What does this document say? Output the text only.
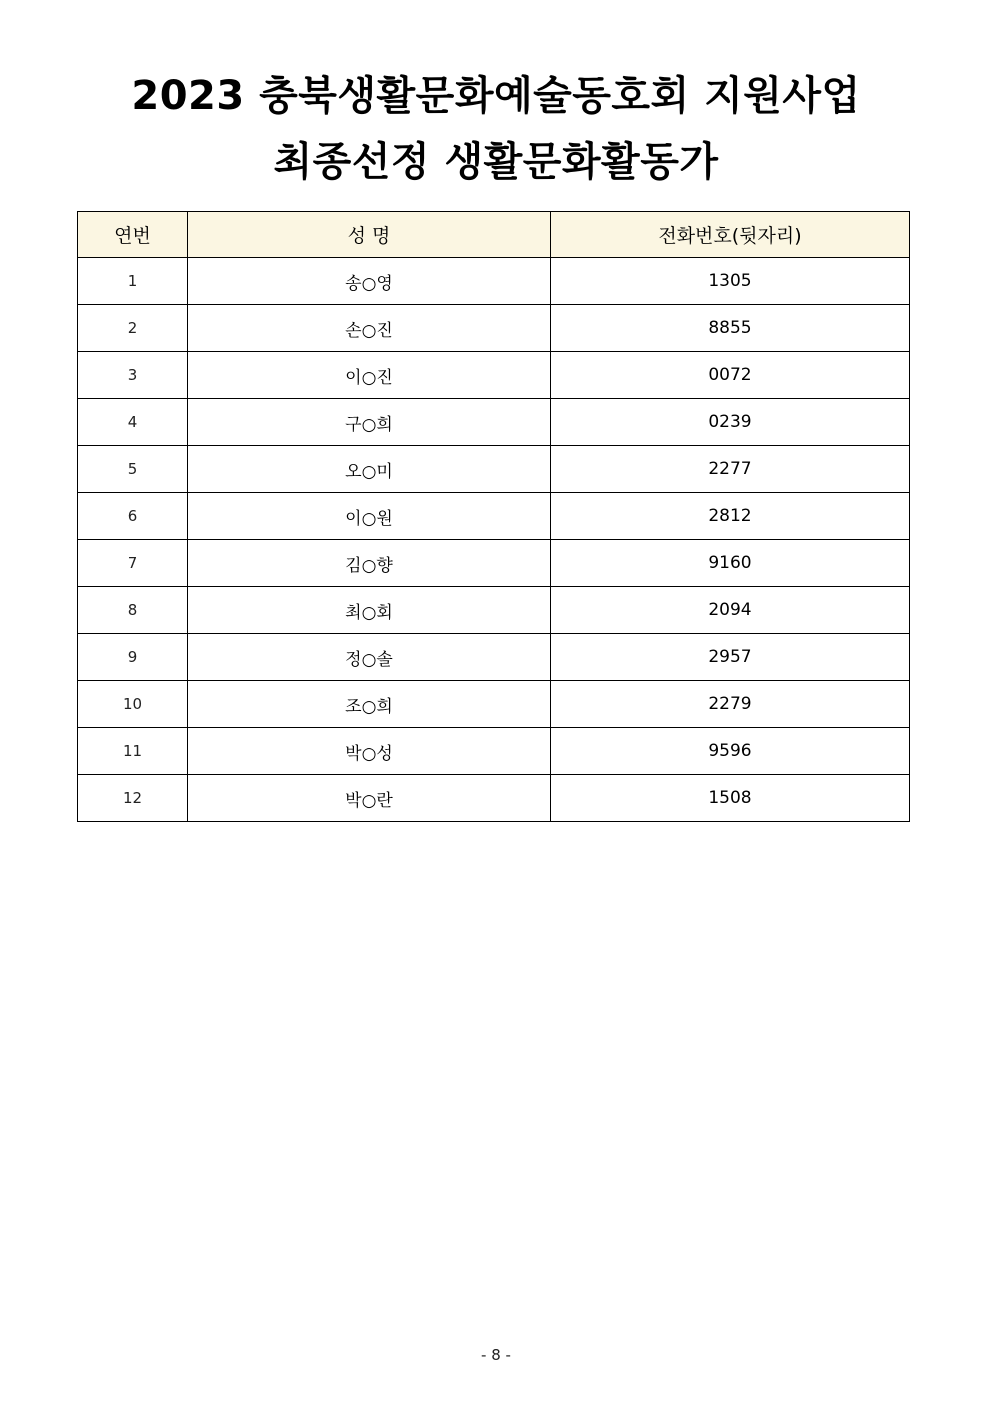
2023 충북생활문화예술동호회 지원사업
최종선정 생활문화활동가
연번	성 명	전화번호(뒷자리)
1	송○영	1305
2	손○진	8855
3	이○진	0072
4	구○희	0239
5	오○미	2277
6	이○원	2812
7	김○향	9160
8	최○회	2094
9	정○솔	2957
10	조○희	2279
11	박○성	9596
12	박○란	1508
- 8 -
